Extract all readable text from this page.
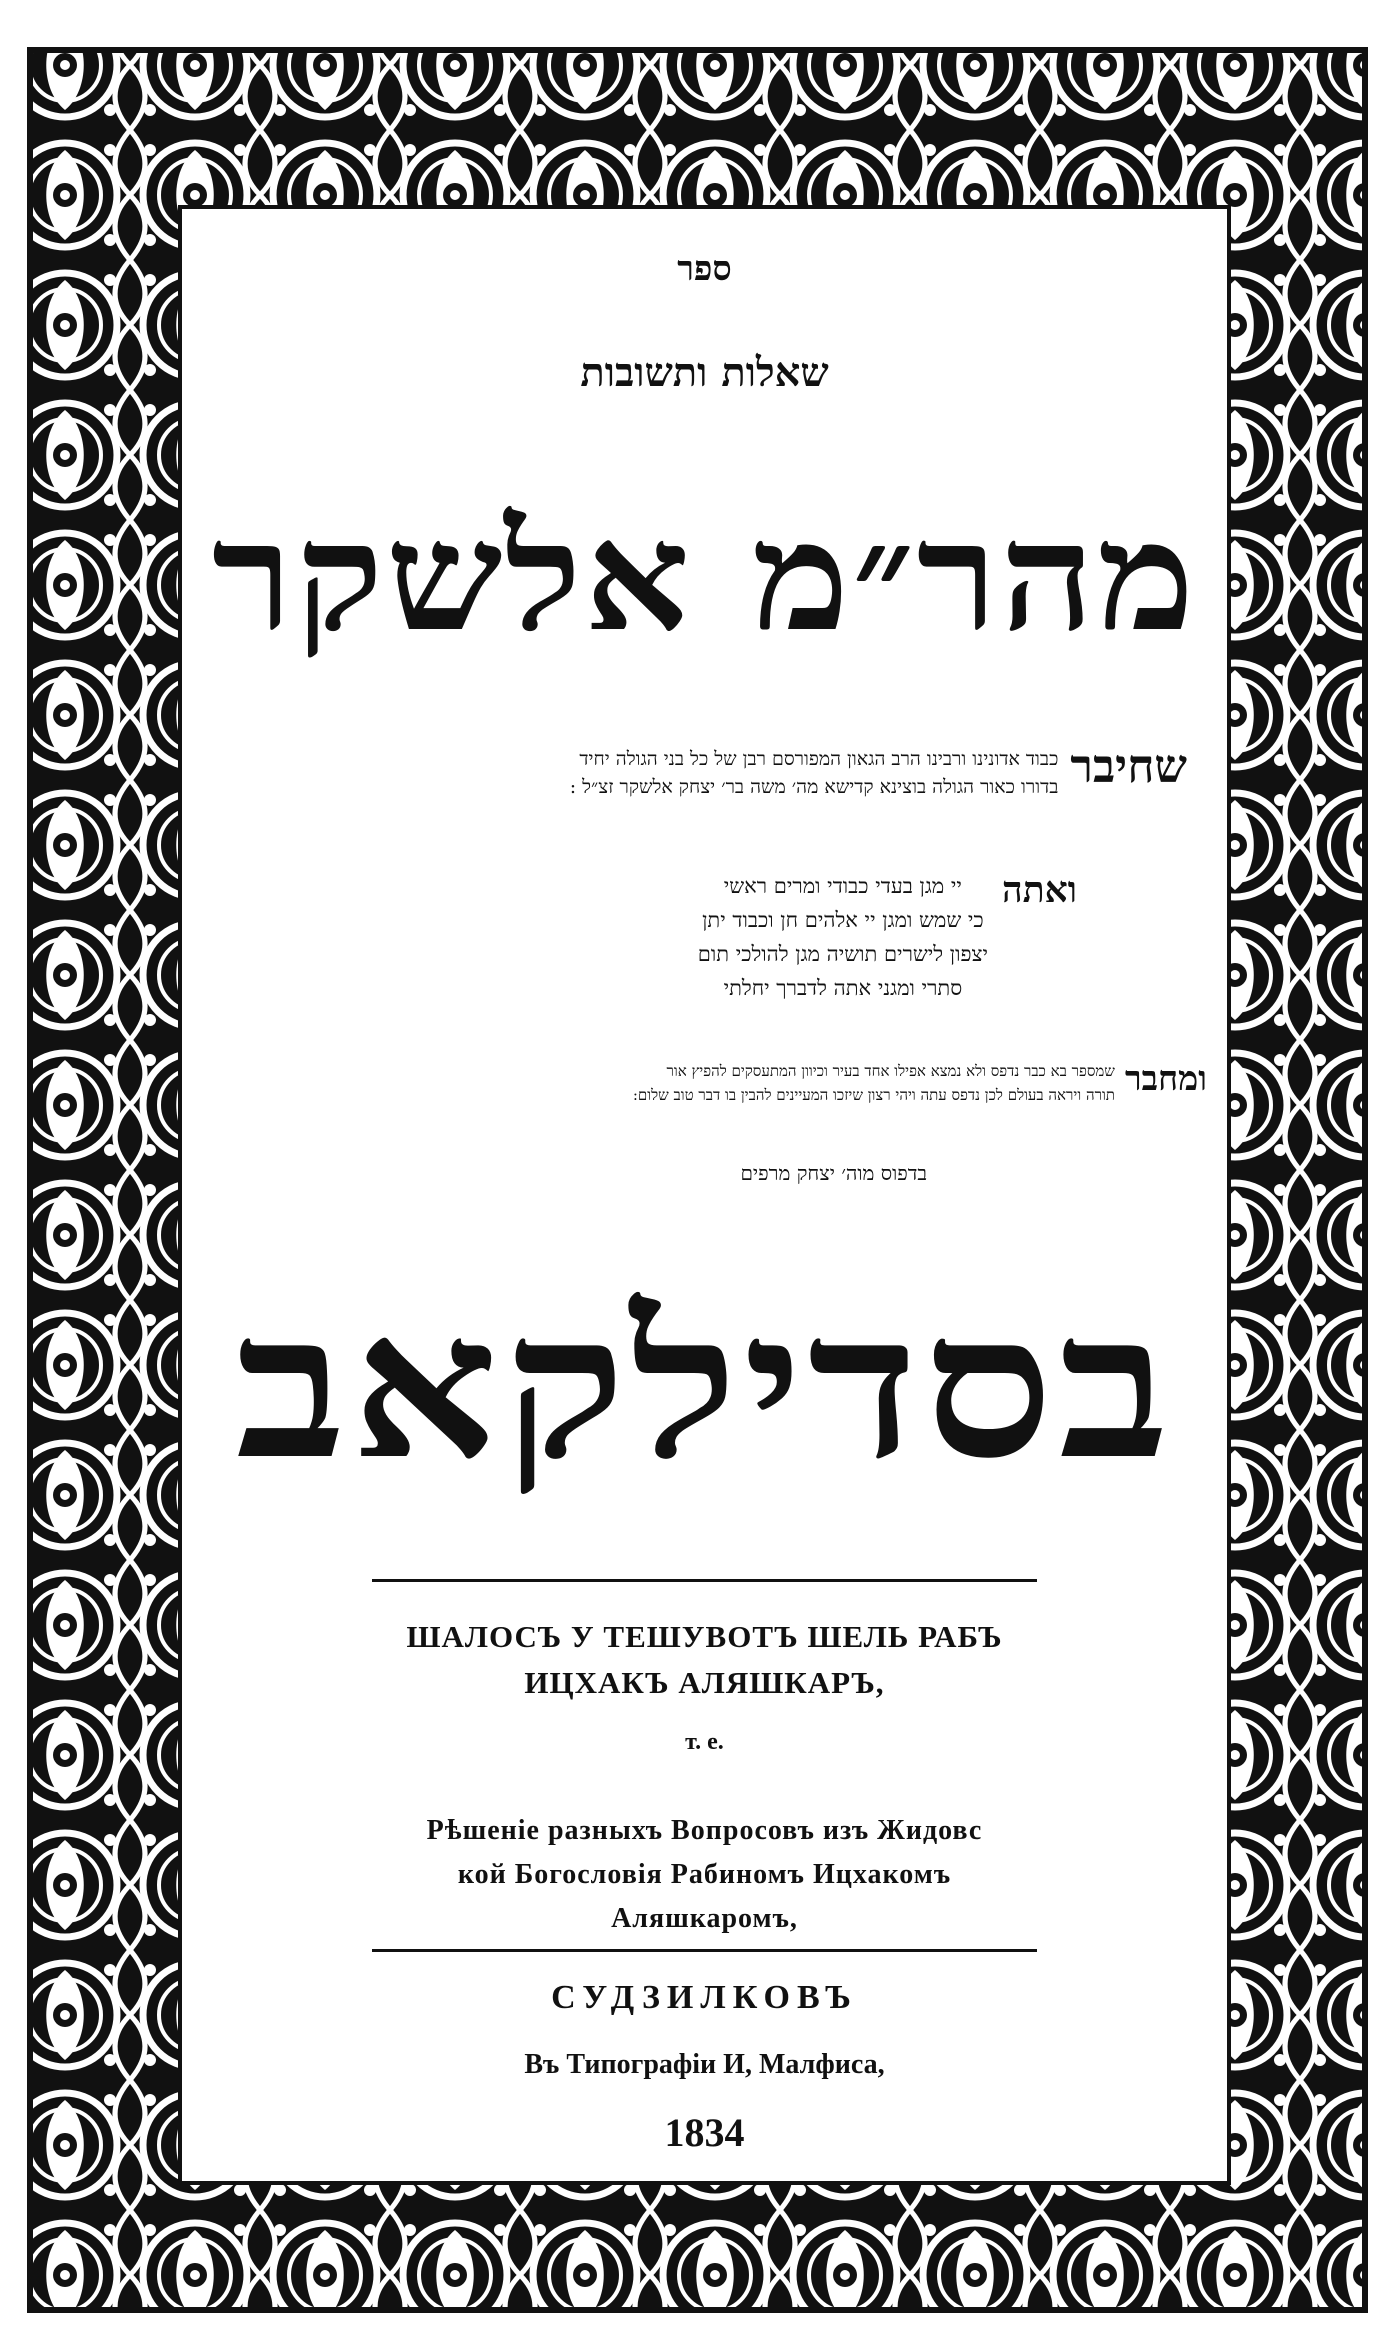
ספר
שאלות ותשובות
מהר״מ אלשקר
שחיבר
כבוד אדונינו ורבינו הרב הגאון המפורסם רבן של כל בני הגולה יחיד
בדורו כאור הגולה בוצינא קדישא מה׳ משה בר׳ יצחק אלשקר זצ״ל :
ואתה
יי מגן בעדי כבודי ומרים ראשי
כי שמש ומגן יי אלהים חן וכבוד יתן
יצפון לישרים תושיה מגן להולכי תום
סתרי ומגני אתה לדברך יחלתי
ומחבר
שמספר בא כבר נדפס ולא נמצא אפילו אחד בעיר וכיוון המתעסקים להפיץ אור
תורה ויראה בעולם לכן נדפס עתה ויהי רצון שיזכו המעיינים להבין בו דבר טוב שלום:
בדפוס מוה׳ יצחק מרפים
בסדילקאב
ШАЛОСЪ У ТЕШУВОТЪ ШЕЛЬ РАБЪ
ИЦХАКЪ АЛЯШКАРЪ,
т. е.
Рѣшенiе разныхъ Вопросовъ изъ Жидовс
кой Богословiя Рабиномъ Ицхакомъ
Аляшкаромъ,
СУДЗИЛКОВЪ
Въ Типографiи И, Малфиса,
1834
